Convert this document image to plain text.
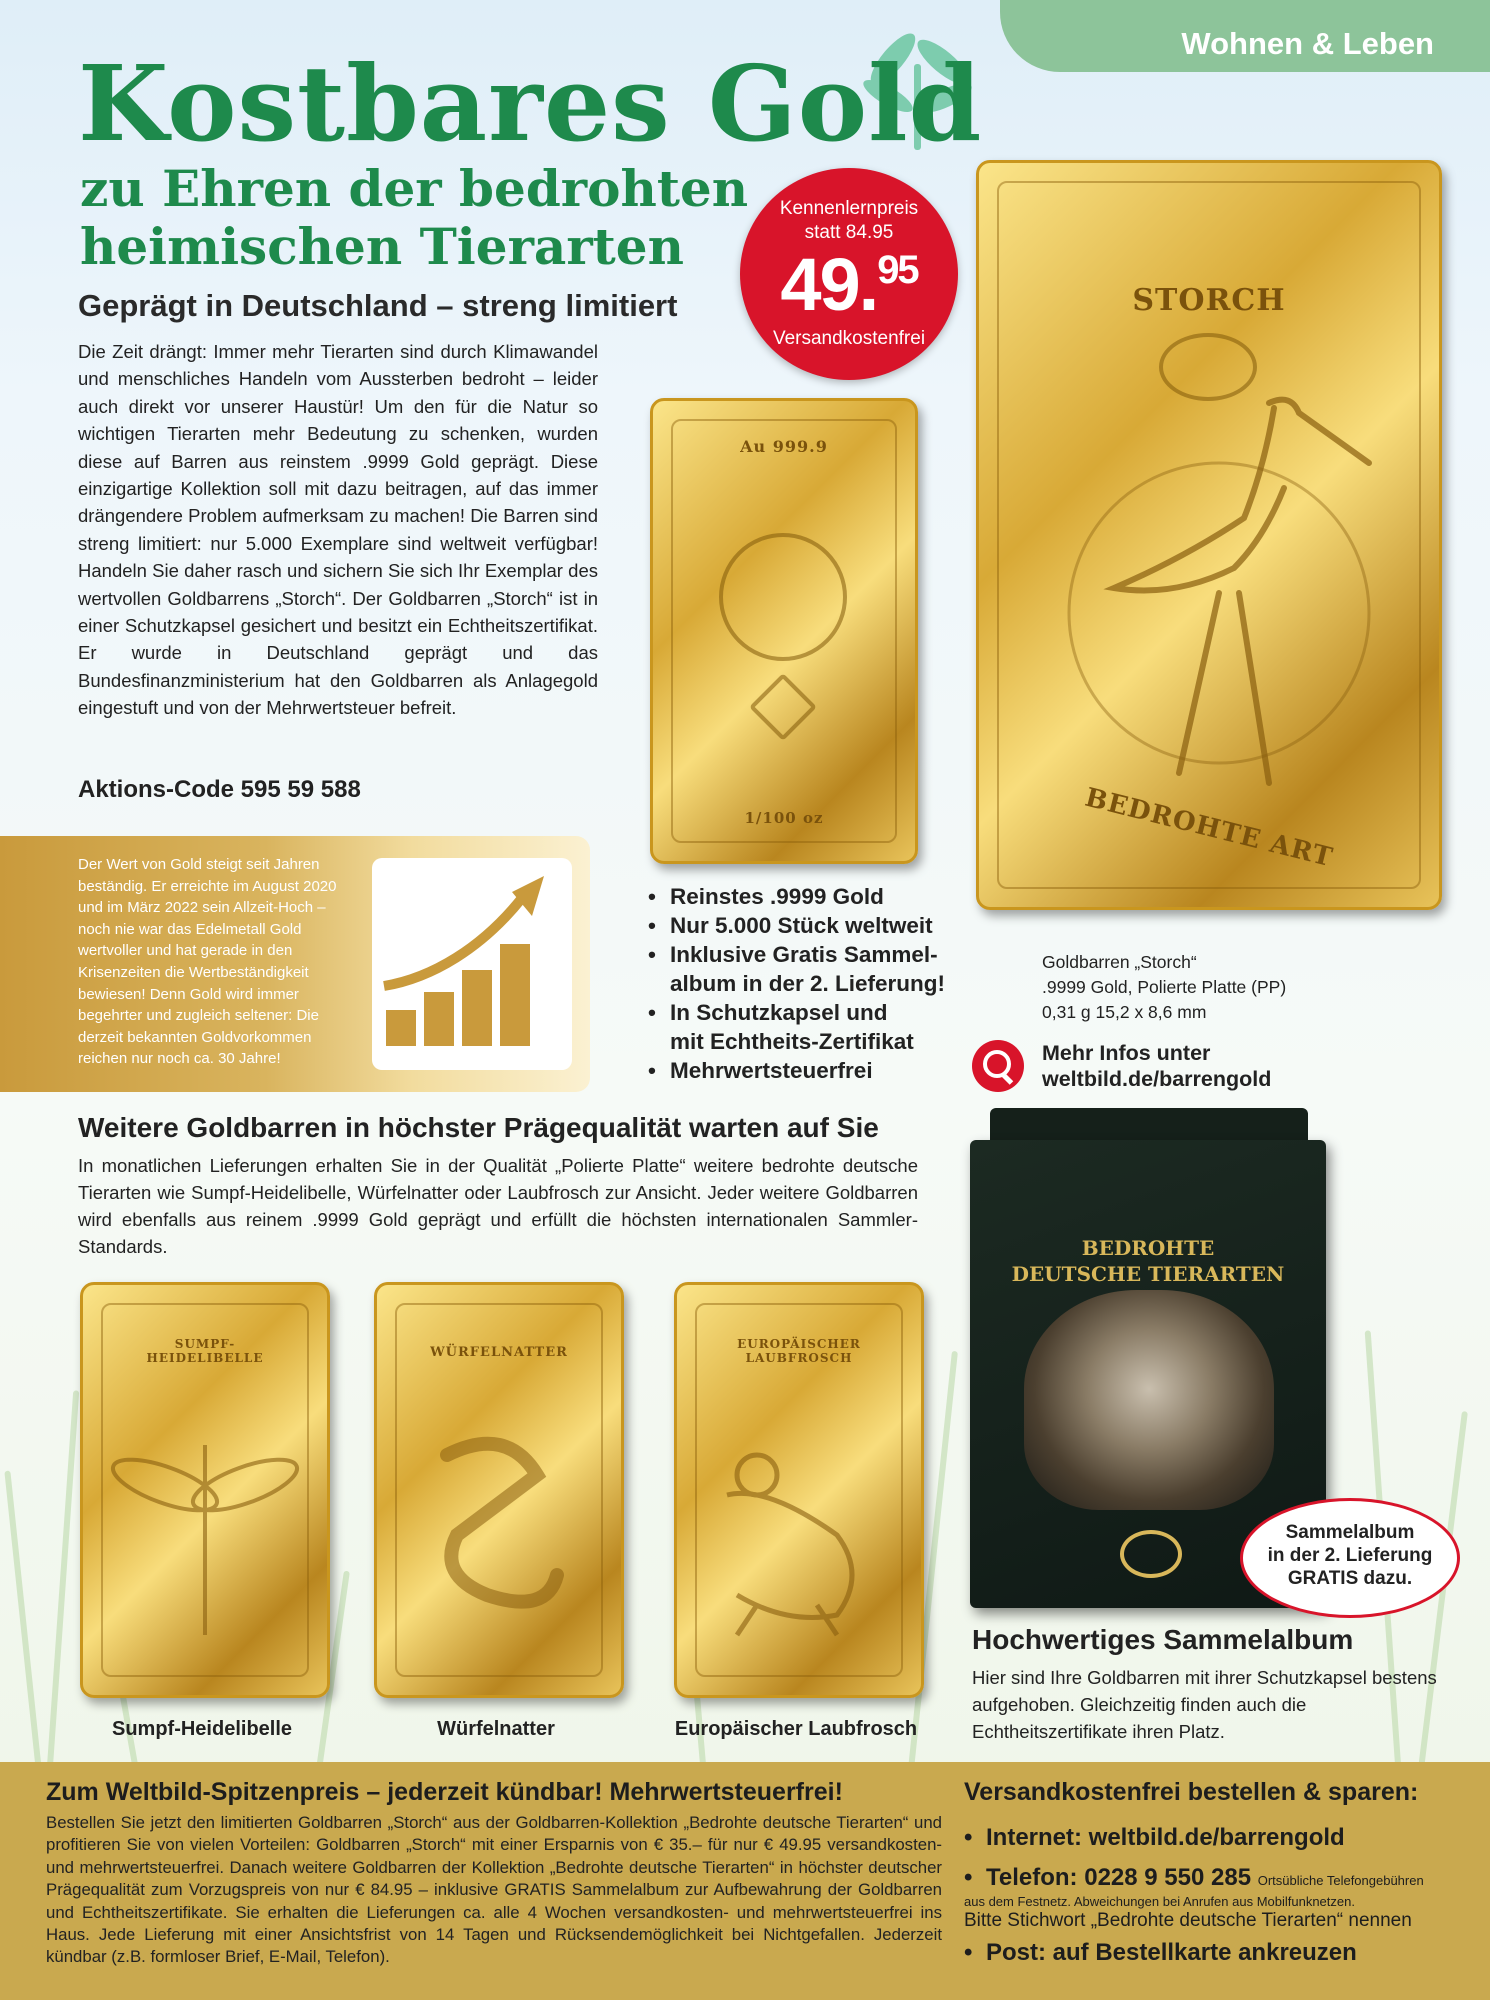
Wohnen & Leben
Kostbares Gold
zu Ehren der bedrohten
heimischen Tierarten
Geprägt in Deutschland – streng limitiert
Die Zeit drängt: Immer mehr Tierarten sind durch Klimawandel und menschliches Handeln vom Aussterben bedroht – leider auch direkt vor unserer Haustür! Um den für die Natur so wichtigen Tierarten mehr Bedeutung zu schenken, wurden diese auf Barren aus reinstem .9999 Gold geprägt. Diese einzigartige Kollektion soll mit dazu beitragen, auf das immer drängendere Problem aufmerksam zu machen! Die Barren sind streng limitiert: nur 5.000 Exemplare sind weltweit verfügbar! Handeln Sie daher rasch und sichern Sie sich Ihr Exemplar des wertvollen Goldbarrens „Storch“. Der Goldbarren „Storch“ ist in einer Schutzkapsel gesichert und besitzt ein Echtheitszertifikat. Er wurde in Deutschland geprägt und das Bundesfinanzministerium hat den Goldbarren als Anlagegold eingestuft und von der Mehrwertsteuer befreit.
Aktions-Code 595 59 588
Kennenlernpreis
statt 84.95
49.95
Versandkostenfrei
Au 999.9
1/100 oz
STORCH
BEDROHTE ART
Der Wert von Gold steigt seit Jahren beständig. Er erreichte im August 2020 und im März 2022 sein Allzeit-Hoch – noch nie war das Edelmetall Gold wertvoller und hat gerade in den Krisenzeiten die Wertbeständigkeit bewiesen! Denn Gold wird immer begehrter und zugleich seltener: Die derzeit bekannten Goldvorkommen reichen nur noch ca. 30 Jahre!
• Reinstes .9999 Gold
• Nur 5.000 Stück weltweit
• Inklusive Gratis Sammel-
album in der 2. Lieferung!
• In Schutzkapsel und
mit Echtheits-Zertifikat
• Mehrwertsteuerfrei
Goldbarren „Storch“
.9999 Gold, Polierte Platte (PP)
0,31 g 15,2 x 8,6 mm
Mehr Infos unter
weltbild.de/barrengold
Weitere Goldbarren in höchster Prägequalität warten auf Sie
In monatlichen Lieferungen erhalten Sie in der Qualität „Polierte Platte“ weitere bedrohte deutsche Tierarten wie Sumpf-Heidelibelle, Würfelnatter oder Laubfrosch zur Ansicht. Jeder weitere Goldbarren wird ebenfalls aus reinem .9999 Gold geprägt und erfüllt die höchsten internationalen Sammler-Standards.
SUMPF-HEIDELIBELLE	WÜRFELNATTER
EUROPÄISCHER LAUBFROSCH
Sumpf-Heidelibelle	Würfelnatter	Europäischer Laubfrosch
BEDROHTE
DEUTSCHE TIERARTEN
Sammelalbum
in der 2. Lieferung
GRATIS dazu.
Hochwertiges Sammelalbum
Hier sind Ihre Goldbarren mit ihrer Schutzkapsel bestens aufgehoben. Gleichzeitig finden auch die Echtheitszertifikate ihren Platz.
Zum Weltbild-Spitzenpreis – jederzeit kündbar! Mehrwertsteuerfrei!
Bestellen Sie jetzt den limitierten Goldbarren „Storch“ aus der Goldbarren-Kollektion „Bedrohte deutsche Tierarten“ und profitieren Sie von vielen Vorteilen: Goldbarren „Storch“ mit einer Ersparnis von € 35.– für nur € 49.95 versandkosten- und mehrwertsteuerfrei. Danach weitere Goldbarren der Kollektion „Bedrohte deutsche Tierarten“ in höchster deutscher Prägequalität zum Vorzugspreis von nur € 84.95 – inklusive GRATIS Sammelalbum zur Aufbewahrung der Goldbarren und Echtheitszertifikate. Sie erhalten die Lieferungen ca. alle 4 Wochen versandkosten- und mehrwertsteuerfrei ins Haus. Jede Lieferung mit einer Ansichtsfrist von 14 Tagen und Rücksendemöglichkeit bei Nichtgefallen. Jederzeit kündbar (z.B. formloser Brief, E-Mail, Telefon).
Versandkostenfrei bestellen & sparen:
• Internet: weltbild.de/barrengold
• Telefon: 0228 9 550 285 Ortsübliche Telefongebühren
aus dem Festnetz. Abweichungen bei Anrufen aus Mobilfunknetzen.
Bitte Stichwort „Bedrohte deutsche Tierarten“ nennen
• Post: auf Bestellkarte ankreuzen
